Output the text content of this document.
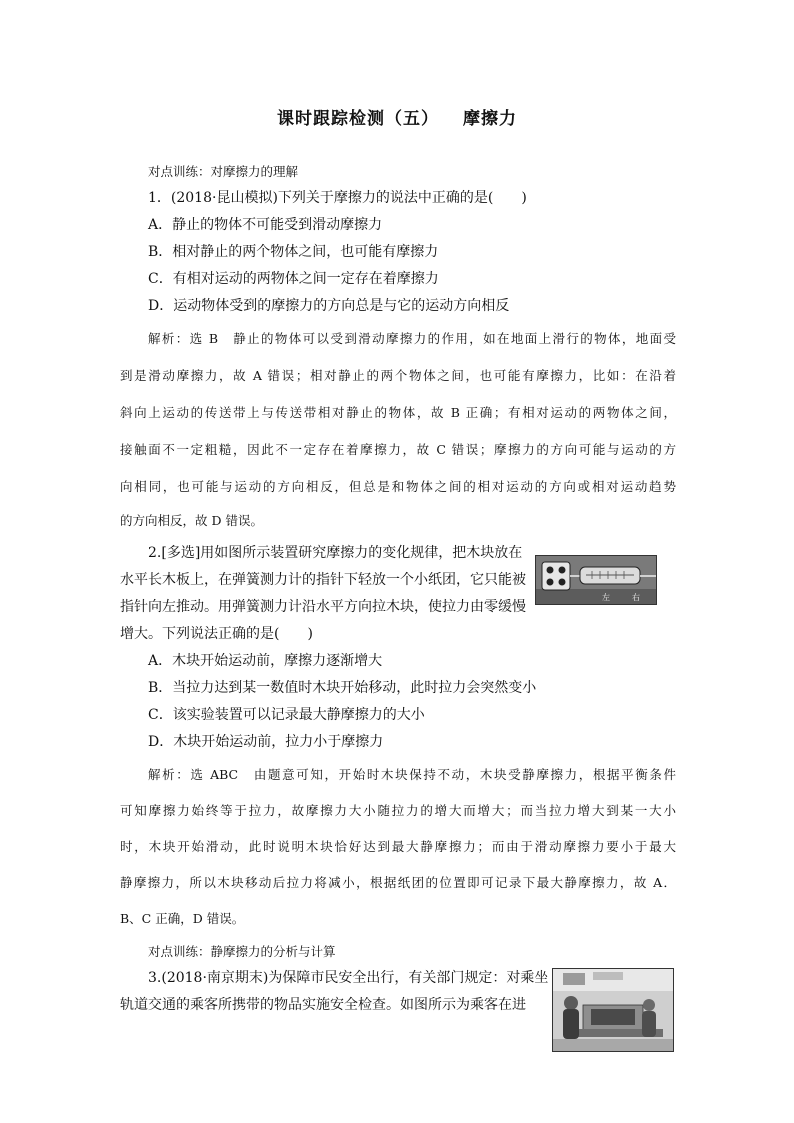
课时跟踪检测（五） 摩擦力
对点训练：对摩擦力的理解
1．(2018·昆山模拟)下列关于摩擦力的说法中正确的是(　　)
A．静止的物体不可能受到滑动摩擦力
B．相对静止的两个物体之间，也可能有摩擦力
C．有相对运动的两物体之间一定存在着摩擦力
D．运动物体受到的摩擦力的方向总是与它的运动方向相反
解析：选 B　静止的物体可以受到滑动摩擦力的作用，如在地面上滑行的物体，地面受
到是滑动摩擦力，故 A 错误；相对静止的两个物体之间，也可能有摩擦力，比如：在沿着
斜向上运动的传送带上与传送带相对静止的物体，故 B 正确；有相对运动的两物体之间，
接触面不一定粗糙，因此不一定存在着摩擦力，故 C 错误；摩擦力的方向可能与运动的方
向相同，也可能与运动的方向相反，但总是和物体之间的相对运动的方向或相对运动趋势
的方向相反，故 D 错误。
2.[多选]用如图所示装置研究摩擦力的变化规律，把木块放在
水平长木板上，在弹簧测力计的指针下轻放一个小纸团，它只能被
指针向左推动。用弹簧测力计沿水平方向拉木块，使拉力由零缓慢
增大。下列说法正确的是(　　)
左	右
A．木块开始运动前，摩擦力逐渐增大
B．当拉力达到某一数值时木块开始移动，此时拉力会突然变小
C．该实验装置可以记录最大静摩擦力的大小
D．木块开始运动前，拉力小于摩擦力
解析：选 ABC　由题意可知，开始时木块保持不动，木块受静摩擦力，根据平衡条件
可知摩擦力始终等于拉力，故摩擦力大小随拉力的增大而增大；而当拉力增大到某一大小
时，木块开始滑动，此时说明木块恰好达到最大静摩擦力；而由于滑动摩擦力要小于最大
静摩擦力，所以木块移动后拉力将减小，根据纸团的位置即可记录下最大静摩擦力，故 A．
B、C 正确，D 错误。
对点训练：静摩擦力的分析与计算
3.(2018·南京期末)为保障市民安全出行，有关部门规定：对乘坐
轨道交通的乘客所携带的物品实施安全检查。如图所示为乘客在进
